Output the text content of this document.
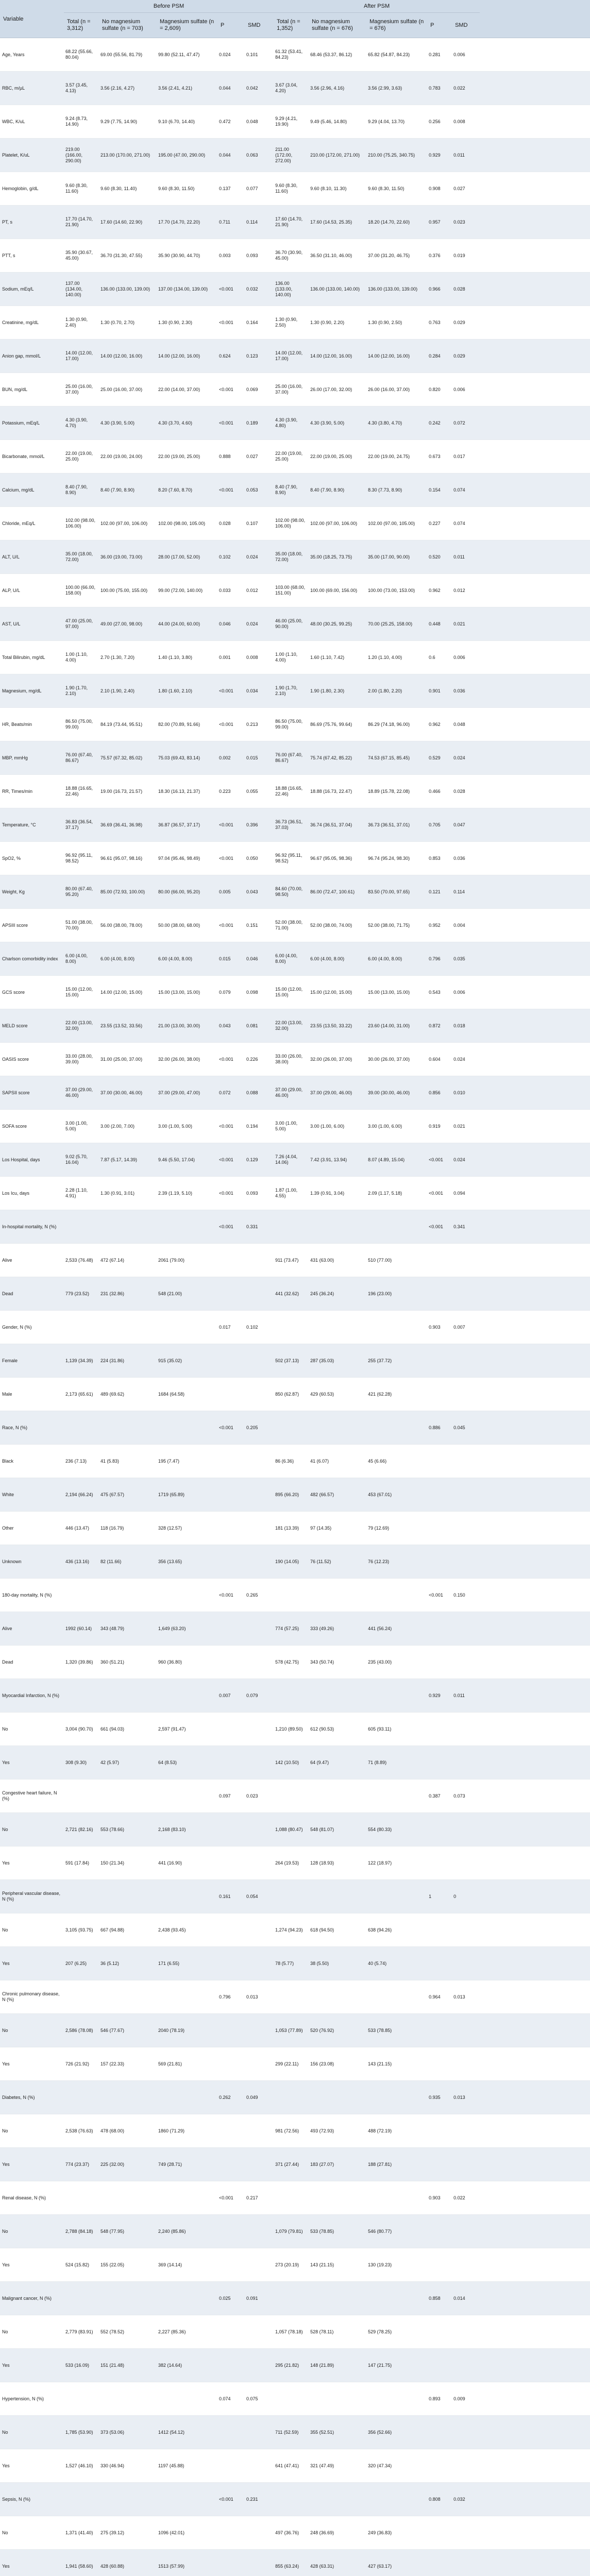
Variable	Before PSM					After PSM					
	Total (n = 3,312)	No magnesium sulfate (n = 703)	Magnesium sulfate (n = 2,609)	P	SMD	Total (n = 1,352)	No magnesium sulfate (n = 676)	Magnesium sulfate (n = 676)	P	SMD	
Age, Years	68.22 (55.66, 80.04)	69.00 (55.56, 81.79)	99.80 (52.11, 47.47)	0.024	0.101	61.32 (53.41, 84.23)	68.46 (53.37, 86.12)	65.82 (54.87, 84.23)	0.281	0.006	
RBC, m/µL	3.57 (3.45, 4.13)	3.56 (2.16, 4.27)	3.56 (2.41, 4.21)	0.044	0.042	3.67 (3.04, 4.20)	3.56 (2.96, 4.16)	3.56 (2.99, 3.63)	0.783	0.022	
WBC, K/uL	9.24 (8.73, 14.90)	9.29 (7.75, 14.90)	9.10 (6.70, 14.40)	0.472	0.048	9.29 (4.21, 19.90)	9.49 (5.46, 14.80)	9.29 (4.04, 13.70)	0.256	0.008	
Platelet, K/uL	219.00 (166.00, 290.00)	213.00 (170.00, 271.00)	195.00 (47.00, 290.00)	0.044	0.063	211.00 (172.00, 272.00)	210.00 (172.00, 271.00)	210.00 (75.25, 340.75)	0.929	0.011	
Hemoglobin, g/dL	9.60 (8.30, 11.60)	9.60 (8.30, 11.40)	9.60 (8.30, 11.50)	0.137	0.077	9.60 (8.30, 11.60)	9.60 (8.10, 11.30)	9.60 (8.30, 11.50)	0.908	0.027	
PT, s	17.70 (14.70, 21.90)	17.60 (14.60, 22.90)	17.70 (14.70, 22.20)	0.711	0.114	17.60 (14.70, 21.90)	17.60 (14.53, 25.35)	18.20 (14.70, 22.60)	0.957	0.023	
PTT, s	35.90 (30.67, 45.00)	36.70 (31.30, 47.55)	35.90 (30.90, 44.70)	0.003	0.093	36.70 (30.90, 45.00)	36.50 (31.10, 46.00)	37.00 (31.20, 46.75)	0.376	0.019	
Sodium, mEq/L	137.00 (134.00, 140.00)	136.00 (133.00, 139.00)	137.00 (134.00, 139.00)	<0.001	0.032	136.00 (133.00, 140.00)	136.00 (133.00, 140.00)	136.00 (133.00, 139.00)	0.966	0.028	
Creatinine, mg/dL	1.30 (0.90, 2.40)	1.30 (0.70, 2.70)	1.30 (0.90, 2.30)	<0.001	0.164	1.30 (0.90, 2.50)	1.30 (0.90, 2.20)	1.30 (0.90, 2.50)	0.763	0.029	
Anion gap, mmol/L	14.00 (12.00, 17.00)	14.00 (12.00, 16.00)	14.00 (12.00, 16.00)	0.624	0.123	14.00 (12.00, 17.00)	14.00 (12.00, 16.00)	14.00 (12.00, 16.00)	0.284	0.029	
BUN, mg/dL	25.00 (16.00, 37.00)	25.00 (16.00, 37.00)	22.00 (14.00, 37.00)	<0.001	0.069	25.00 (16.00, 37.00)	26.00 (17.00, 32.00)	26.00 (16.00, 37.00)	0.820	0.006	
Potassium, mEq/L	4.30 (3.90, 4.70)	4.30 (3.90, 5.00)	4.30 (3.70, 4.60)	<0.001	0.189	4.30 (3.90, 4.80)	4.30 (3.90, 5.00)	4.30 (3.80, 4.70)	0.242	0.072	
Bicarbonate, mmol/L	22.00 (19.00, 25.00)	22.00 (19.00, 24.00)	22.00 (19.00, 25.00)	0.888	0.027	22.00 (19.00, 25.00)	22.00 (19.00, 25.00)	22.00 (19.00, 24.75)	0.673	0.017	
Calcium, mg/dL	8.40 (7.90, 8.90)	8.40 (7.90, 8.90)	8.20 (7.60, 8.70)	<0.001	0.053	8.40 (7.90, 8.90)	8.40 (7.90, 8.90)	8.30 (7.73, 8.90)	0.154	0.074	
Chloride, mEq/L	102.00 (98.00, 106.00)	102.00 (97.00, 106.00)	102.00 (98.00, 105.00)	0.028	0.107	102.00 (98.00, 106.00)	102.00 (97.00, 106.00)	102.00 (97.00, 105.00)	0.227	0.074	
ALT, U/L	35.00 (18.00, 72.00)	36.00 (19.00, 73.00)	28.00 (17.00, 52.00)	0.102	0.024	35.00 (18.00, 72.00)	35.00 (18.25, 73.75)	35.00 (17.00, 90.00)	0.520	0.011	
ALP, U/L	100.00 (66.00, 158.00)	100.00 (75.00, 155.00)	99.00 (72.00, 140.00)	0.033	0.012	103.00 (68.00, 151.00)	100.00 (69.00, 156.00)	100.00 (73.00, 153.00)	0.962	0.012	
AST, U/L	47.00 (25.00, 97.00)	49.00 (27.00, 98.00)	44.00 (24.00, 60.00)	0.046	0.024	46.00 (25.00, 90.00)	48.00 (30.25, 99.25)	70.00 (25.25, 158.00)	0.448	0.021	
Total Bilirubin, mg/dL	1.00 (1.10, 4.00)	2.70 (1.30, 7.20)	1.40 (1.10, 3.80)	0.001	0.008	1.00 (1.10, 4.00)	1.60 (1.10, 7.42)	1.20 (1.10, 4.00)	0.6	0.006	
Magnesium, mg/dL	1.90 (1.70, 2.10)	2.10 (1.90, 2.40)	1.80 (1.60, 2.10)	<0.001	0.034	1.90 (1.70, 2.10)	1.90 (1.80, 2.30)	2.00 (1.80, 2.20)	0.901	0.036	
HR, Beats/min	86.50 (75.00, 99.00)	84.19 (73.44, 95.51)	82.00 (70.89, 91.66)	<0.001	0.213	86.50 (75.00, 99.00)	86.69 (75.76, 99.64)	86.29 (74.18, 96.00)	0.962	0.048	
MBP, mmHg	76.00 (67.40, 86.67)	75.57 (67.32, 85.02)	75.03 (69.43, 83.14)	0.002	0.015	76.00 (67.40, 86.67)	75.74 (67.42, 85.22)	74.53 (67.15, 85.45)	0.529	0.024	
RR, Times/min	18.88 (16.65, 22.46)	19.00 (16.73, 21.57)	18.30 (16.13, 21.37)	0.223	0.055	18.88 (16.65, 22.46)	18.88 (16.73, 22.47)	18.89 (15.78, 22.08)	0.466	0.028	
Temperature, °C	36.83 (36.54, 37.17)	36.69 (36.41, 36.98)	36.87 (36.57, 37.17)	<0.001	0.396	36.73 (36.51, 37.03)	36.74 (36.51, 37.04)	36.73 (36.51, 37.01)	0.705	0.047	
SpO2, %	96.92 (95.11, 98.52)	96.61 (95.07, 98.16)	97.04 (95.46, 98.49)	<0.001	0.050	96.92 (95.11, 98.52)	96.67 (95.05, 98.36)	96.74 (95.24, 98.30)	0.853	0.036	
Weight, Kg	80.00 (67.40, 95.20)	85.00 (72.93, 100.00)	80.00 (66.00, 95.20)	0.005	0.043	84.60 (70.00, 98.50)	86.00 (72.47, 100.61)	83.50 (70.00, 97.65)	0.121	0.114	
APSIII score	51.00 (38.00, 70.00)	56.00 (38.00, 78.00)	50.00 (38.00, 68.00)	<0.001	0.151	52.00 (38.00, 71.00)	52.00 (38.00, 74.00)	52.00 (38.00, 71.75)	0.952	0.004	
Charlson comorbidity index	6.00 (4.00, 8.00)	6.00 (4.00, 8.00)	6.00 (4.00, 8.00)	0.015	0.046	6.00 (4.00, 8.00)	6.00 (4.00, 8.00)	6.00 (4.00, 8.00)	0.796	0.035	
GCS score	15.00 (12.00, 15.00)	14.00 (12.00, 15.00)	15.00 (13.00, 15.00)	0.079	0.098	15.00 (12.00, 15.00)	15.00 (12.00, 15.00)	15.00 (13.00, 15.00)	0.543	0.006	
MELD score	22.00 (13.00, 32.00)	23.55 (13.52, 33.56)	21.00 (13.00, 30.00)	0.043	0.081	22.00 (13.00, 32.00)	23.55 (13.50, 33.22)	23.60 (14.00, 31.00)	0.872	0.018	
OASIS score	33.00 (28.00, 39.00)	31.00 (25.00, 37.00)	32.00 (26.00, 38.00)	<0.001	0.226	33.00 (26.00, 38.00)	32.00 (26.00, 37.00)	30.00 (26.00, 37.00)	0.604	0.024	
SAPSII score	37.00 (29.00, 46.00)	37.00 (30.00, 46.00)	37.00 (29.00, 47.00)	0.072	0.088	37.00 (29.00, 46.00)	37.00 (29.00, 46.00)	39.00 (30.00, 46.00)	0.856	0.010	
SOFA score	3.00 (1.00, 5.00)	3.00 (2.00, 7.00)	3.00 (1.00, 5.00)	<0.001	0.194	3.00 (1.00, 5.00)	3.00 (1.00, 6.00)	3.00 (1.00, 6.00)	0.919	0.021	
Los Hospital, days	9.02 (5.70, 16.04)	7.87 (5.17, 14.39)	9.46 (5.50, 17.04)	<0.001	0.129	7.26 (4.04, 14.06)	7.42 (3.91, 13.94)	8.07 (4.89, 15.04)	<0.001	0.024	
Los Icu, days	2.28 (1.10, 4.91)	1.30 (0.91, 3.01)	2.39 (1.19, 5.10)	<0.001	0.093	1.87 (1.00, 4.55)	1.39 (0.91, 3.04)	2.09 (1.17, 5.18)	<0.001	0.094	
In-hospital mortality, N (%)				<0.001	0.331				<0.001	0.341	
Alive	2,533 (76.48)	472 (67.14)	2061 (79.00)			911 (73.47)	431 (63.00)	510 (77.00)			
Dead	779 (23.52)	231 (32.86)	548 (21.00)			441 (32.62)	245 (36.24)	196 (23.00)			
Gender, N (%)				0.017	0.102				0.903	0.007	
Female	1,139 (34.39)	224 (31.86)	915 (35.02)			502 (37.13)	287 (35.03)	255 (37.72)			
Male	2,173 (65.61)	489 (69.62)	1684 (64.58)			850 (62.87)	429 (60.53)	421 (62.28)			
Race, N (%)				<0.001	0.205				0.886	0.045	
Black	236 (7.13)	41 (5.83)	195 (7.47)			86 (6.36)	41 (6.07)	45 (6.66)			
White	2,194 (66.24)	475 (67.57)	1719 (65.89)			895 (66.20)	482 (66.57)	453 (67.01)			
Other	446 (13.47)	118 (16.79)	328 (12.57)			181 (13.39)	97 (14.35)	79 (12.69)			
Unknown	436 (13.16)	82 (11.66)	356 (13.65)			190 (14.05)	76 (11.52)	76 (12.23)			
180-day mortality, N (%)				<0.001	0.265				<0.001	0.150	
Alive	1992 (60.14)	343 (48.79)	1,649 (63.20)			774 (57.25)	333 (49.26)	441 (56.24)			
Dead	1,320 (39.86)	360 (51.21)	960 (36.80)			578 (42.75)	343 (50.74)	235 (43.00)			
Myocardial Infarction, N (%)				0.007	0.079				0.929	0.011	
No	3,004 (90.70)	661 (94.03)	2,597 (91.47)			1,210 (89.50)	612 (90.53)	605 (93.11)			
Yes	308 (9.30)	42 (5.97)	64 (8.53)			142 (10.50)	64 (9.47)	71 (8.89)			
Congestive heart failure, N (%)				0.097	0.023				0.387	0.073	
No	2,721 (82.16)	553 (78.66)	2,168 (83.10)			1,088 (80.47)	548 (81.07)	554 (80.33)			
Yes	591 (17.84)	150 (21.34)	441 (16.90)			264 (19.53)	128 (18.93)	122 (18.97)			
Peripheral vascular disease, N (%)				0.161	0.054				1	0	
No	3,105 (93.75)	667 (94.88)	2,438 (93.45)			1,274 (94.23)	618 (94.50)	638 (94.26)			
Yes	207 (6.25)	36 (5.12)	171 (6.55)			78 (5.77)	38 (5.50)	40 (5.74)			
Chronic pulmonary disease, N (%)				0.796	0.013				0.964	0.013	
No	2,586 (78.08)	546 (77.67)	2040 (78.19)			1,053 (77.89)	520 (76.92)	533 (78.85)			
Yes	726 (21.92)	157 (22.33)	569 (21.81)			299 (22.11)	156 (23.08)	143 (21.15)			
Diabetes, N (%)				0.262	0.049				0.935	0.013	
No	2,538 (76.63)	478 (68.00)	1860 (71.29)			981 (72.56)	493 (72.93)	488 (72.19)			
Yes	774 (23.37)	225 (32.00)	749 (28.71)			371 (27.44)	183 (27.07)	188 (27.81)			
Renal disease, N (%)				<0.001	0.217				0.903	0.022	
No	2,788 (84.18)	548 (77.95)	2,240 (85.86)			1,079 (79.81)	533 (78.85)	546 (80.77)			
Yes	524 (15.82)	155 (22.05)	369 (14.14)			273 (20.19)	143 (21.15)	130 (19.23)			
Malignant cancer, N (%)				0.025	0.091				0.858	0.014	
No	2,779 (83.91)	552 (78.52)	2,227 (85.36)			1,057 (78.18)	528 (78.11)	529 (78.25)			
Yes	533 (16.09)	151 (21.48)	382 (14.64)			295 (21.82)	148 (21.89)	147 (21.75)			
Hypertension, N (%)				0.074	0.075				0.893	0.009	
No	1,785 (53.90)	373 (53.06)	1412 (54.12)			711 (52.59)	355 (52.51)	356 (52.66)			
Yes	1,527 (46.10)	330 (46.94)	1197 (45.88)			641 (47.41)	321 (47.49)	320 (47.34)			
Sepsis, N (%)				<0.001	0.231				0.808	0.032	
No	1,371 (41.40)	275 (39.12)	1096 (42.01)			497 (36.76)	248 (36.69)	249 (36.83)			
Yes	1,941 (58.60)	428 (60.88)	1513 (57.99)			855 (63.24)	428 (63.31)	427 (63.17)			
